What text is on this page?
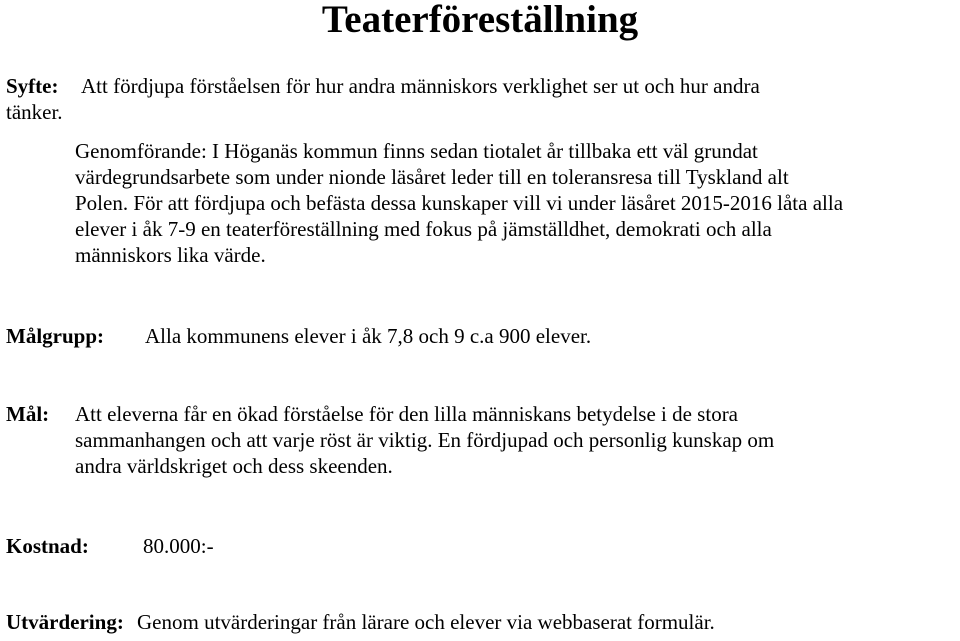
Teaterföreställning
Syfte:	Att fördjupa förståelsen för hur andra människors verklighet ser ut och hur andra
tänker.
Genomförande: I Höganäs kommun finns sedan tiotalet år tillbaka ett väl grundat
värdegrundsarbete som under nionde läsåret leder till en toleransresa till Tyskland alt
Polen. För att fördjupa och befästa dessa kunskaper vill vi under läsåret 2015-2016 låta alla
elever i åk 7-9 en teaterföreställning med fokus på jämställdhet, demokrati och alla
människors lika värde.
Målgrupp: Alla kommunens elever i åk 7,8 och 9 c.a 900 elever.
Mål: Att eleverna får en ökad förståelse för den lilla människans betydelse i de stora
sammanhangen och att varje röst är viktig. En fördjupad och personlig kunskap om
andra världskriget och dess skeenden.
Kostnad:	80.000:-
Utvärdering: Genom utvärderingar från lärare och elever via webbaserat formulär.
